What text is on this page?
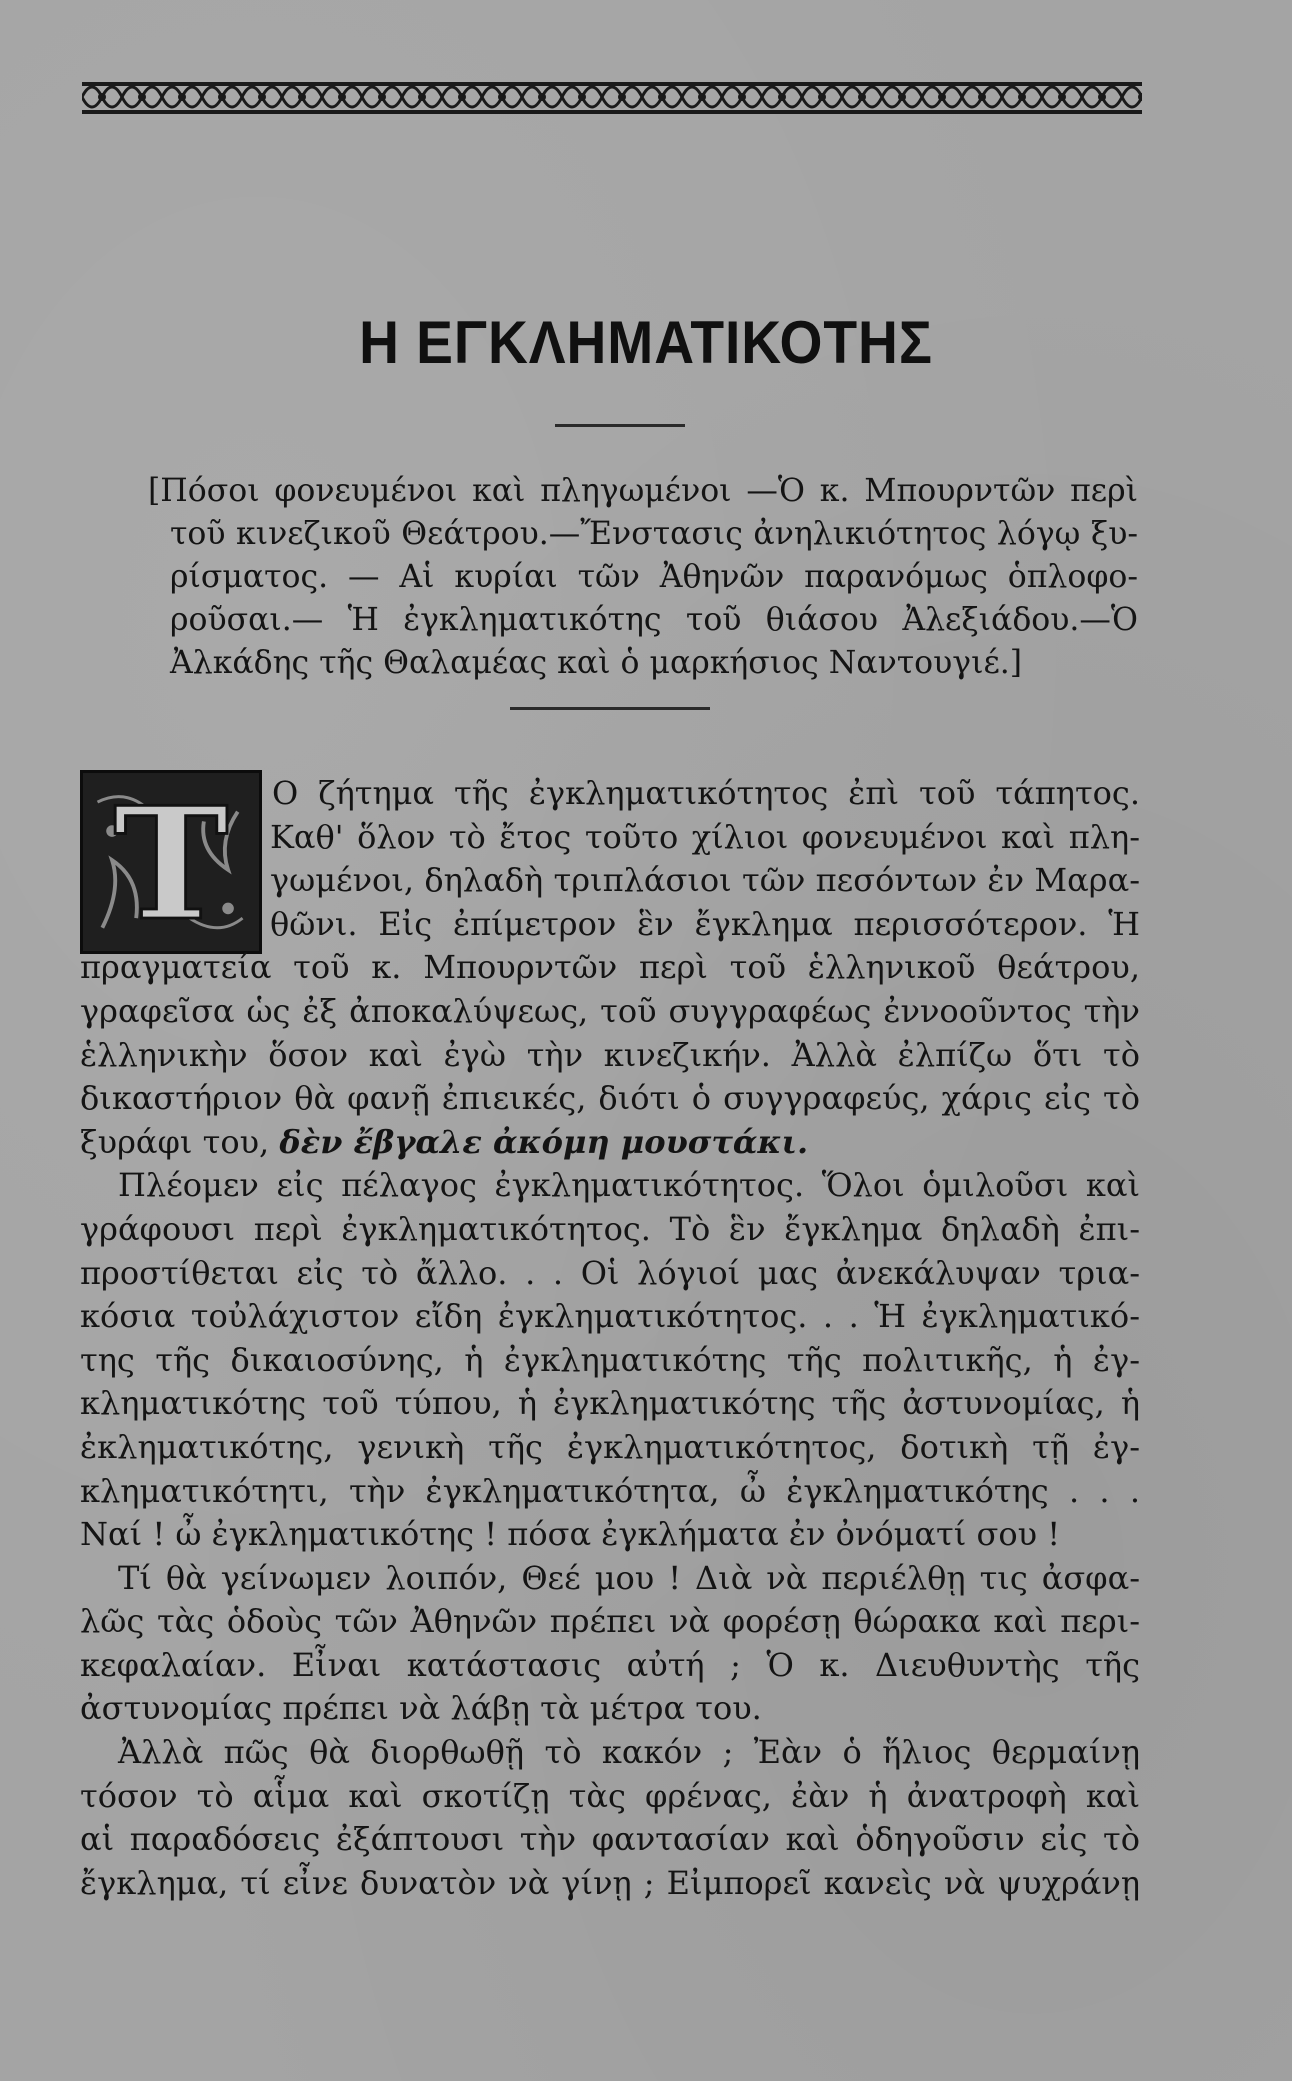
Η ΕΓΚΛΗΜΑΤΙΚΟΤΗΣ
[Πόσοι φονευμένοι καὶ πληγωμένοι —Ὁ κ. Μπουρντῶν περὶ
τοῦ κινεζικοῦ Θεάτρου.—Ἔνστασις ἀνηλικιότητος λόγῳ ξυ-
ρίσματος. — Αἱ κυρίαι τῶν Ἀθηνῶν παρανόμως ὁπλοφο-
ροῦσαι.— Ἡ ἐγκληματικότης τοῦ θιάσου Ἀλεξιάδου.—Ὁ
Ἀλκάδης τῆς Θαλαμέας καὶ ὁ μαρκήσιος Ναντουγιέ.]
Τ	Ο ζήτημα τῆς ἐγκληματικότητος ἐπὶ τοῦ τάπητος.
Καθ' ὅλον τὸ ἔτος τοῦτο χίλιοι φονευμένοι καὶ πλη-
γωμένοι, δηλαδὴ τριπλάσιοι τῶν πεσόντων ἐν Μαρα-
θῶνι. Εἰς ἐπίμετρον ἓν ἔγκλημα περισσότερον. Ἡ
πραγματεία τοῦ κ. Μπουρντῶν περὶ τοῦ ἑλληνικοῦ θεάτρου,
γραφεῖσα ὡς ἐξ ἀποκαλύψεως, τοῦ συγγραφέως ἐννοοῦντος τὴν
ἑλληνικὴν ὅσον καὶ ἐγὼ τὴν κινεζικήν. Ἀλλὰ ἐλπίζω ὅτι τὸ
δικαστήριον θὰ φανῇ ἐπιεικές, διότι ὁ συγγραφεύς, χάρις εἰς τὸ
ξυράφι του, δὲν ἔβγαλε ἀκόμη μουστάκι.
Πλέομεν εἰς πέλαγος ἐγκληματικότητος. Ὅλοι ὁμιλοῦσι καὶ
γράφουσι περὶ ἐγκληματικότητος. Τὸ ἓν ἔγκλημα δηλαδὴ ἐπι-
προστίθεται εἰς τὸ ἄλλο. . . Οἱ λόγιοί μας ἀνεκάλυψαν τρια-
κόσια τοὐλάχιστον εἴδη ἐγκληματικότητος. . . Ἡ ἐγκληματικό-
της τῆς δικαιοσύνης, ἡ ἐγκληματικότης τῆς πολιτικῆς, ἡ ἐγ-
κληματικότης τοῦ τύπου, ἡ ἐγκληματικότης τῆς ἀστυνομίας, ἡ
ἐκληματικότης, γενικὴ τῆς ἐγκληματικότητος, δοτικὴ τῇ ἐγ-
κληματικότητι, τὴν ἐγκληματικότητα, ὦ ἐγκληματικότης . . .
Ναί ! ὦ ἐγκληματικότης ! πόσα ἐγκλήματα ἐν ὀνόματί σου !
Τί θὰ γείνωμεν λοιπόν, Θεέ μου ! Διὰ νὰ περιέλθῃ τις ἀσφα-
λῶς τὰς ὁδοὺς τῶν Ἀθηνῶν πρέπει νὰ φορέσῃ θώρακα καὶ περι-
κεφαλαίαν. Εἶναι κατάστασις αὐτή ; Ὁ κ. Διευθυντὴς τῆς
ἀστυνομίας πρέπει νὰ λάβῃ τὰ μέτρα του.
Ἀλλὰ πῶς θὰ διορθωθῇ τὸ κακόν ; Ἐὰν ὁ ἥλιος θερμαίνῃ
τόσον τὸ αἷμα καὶ σκοτίζῃ τὰς φρένας, ἐὰν ἡ ἀνατροφὴ καὶ
αἱ παραδόσεις ἐξάπτουσι τὴν φαντασίαν καὶ ὁδηγοῦσιν εἰς τὸ
ἔγκλημα, τί εἶνε δυνατὸν νὰ γίνῃ ; Εἰμπορεῖ κανεὶς νὰ ψυχράνῃ
